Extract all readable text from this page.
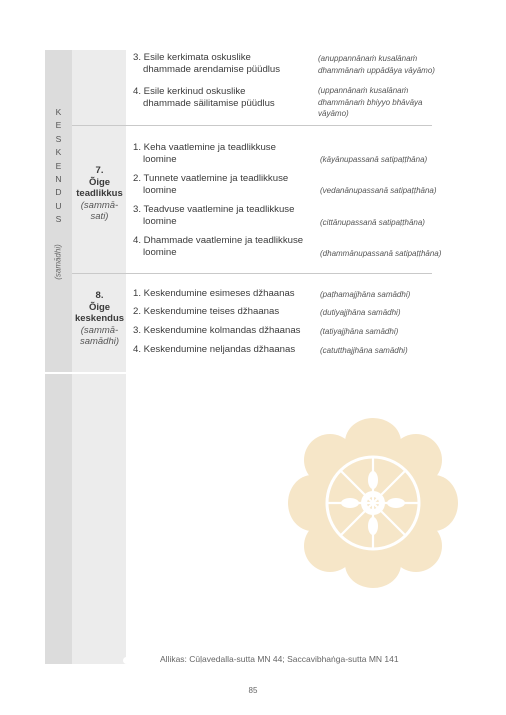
K
E
S
K
E
N
D
U
S
(samādhi)
3. Esile kerkimata oskuslike
dhammade arendamise püüdlus
(anuppannānaṁ kusalānaṁ
dhammānaṁ uppādāya vāyāmo)
4. Esile kerkinud oskuslike
dhammade säilitamise püüdlus
(uppannānaṁ kusalānaṁ
dhammānaṁ bhiyyo bhāvāya
vāyāmo)
7.
Õige
teadlikkus
(sammā-
sati)
1. Keha vaatlemine ja teadlikkuse
loomine	(kāyānupassanā satipaṭṭhāna)
2. Tunnete vaatlemine ja teadlikkuse
loomine	(vedanānupassanā satipaṭṭhāna)
3. Teadvuse vaatlemine ja teadlikkuse
loomine	(cittānupassanā satipaṭṭhāna)
4. Dhammade vaatlemine ja teadlikkuse
loomine	(dhammānupassanā satipaṭṭhāna)
8.
Õige
keskendus
(sammā-
samādhi)
1. Keskendumine esimeses džhaanas	(paṭhamajjhāna samādhi)
2. Keskendumine teises džhaanas	(dutiyajjhāna samādhi)
3. Keskendumine kolmandas džhaanas (tatiyajjhāna samādhi)
4. Keskendumine neljandas džhaanas	(catutthajjhāna samādhi)
Allikas: Cūḷavedalla-sutta MN 44; Saccavibhaṅga-sutta MN 141
85
